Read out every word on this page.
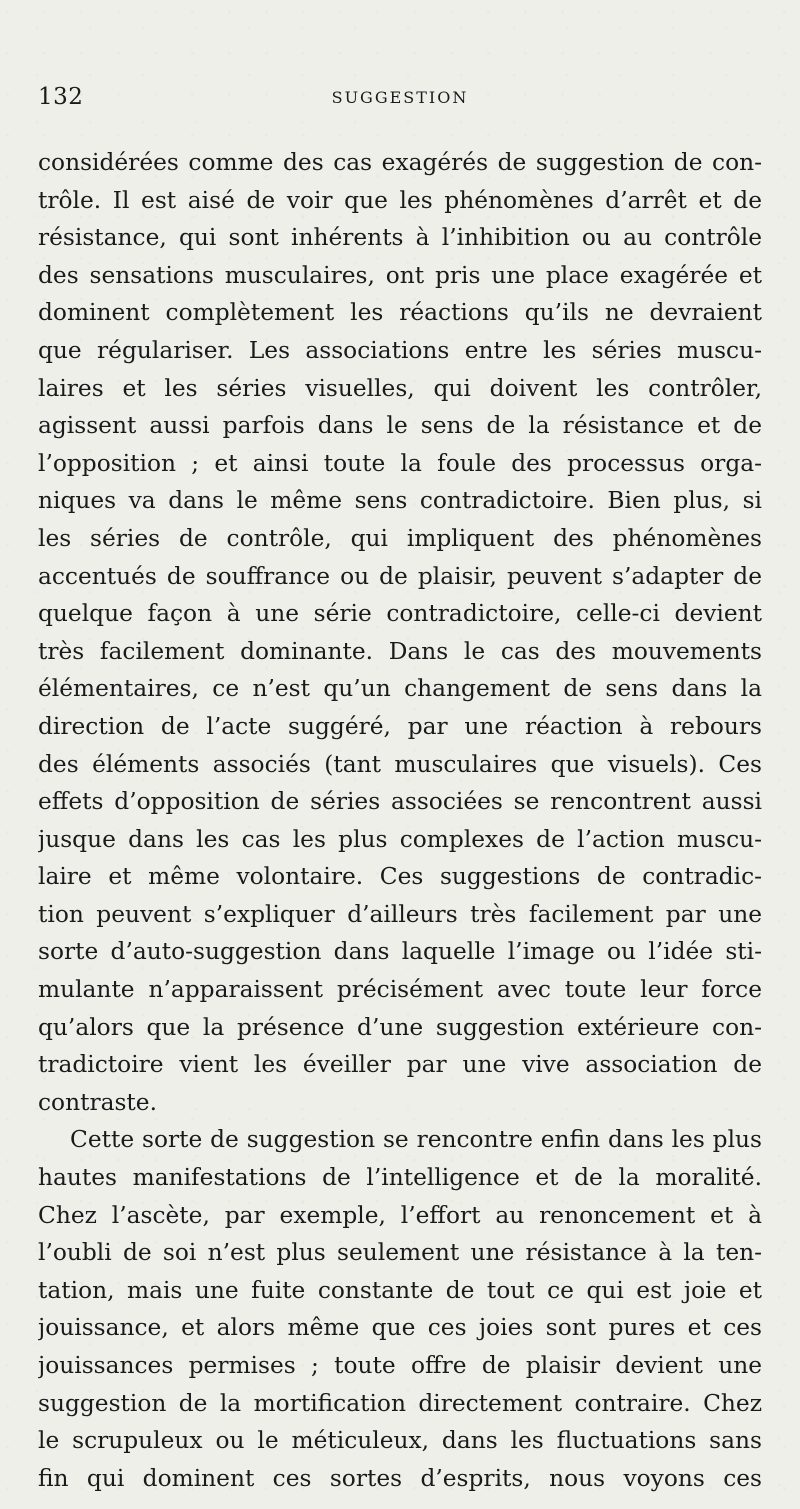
132	SUGGESTION
considérées comme des cas exagérés de suggestion de con-
trôle. Il est aisé de voir que les phénomènes d’arrêt et de
résistance, qui sont inhérents à l’inhibition ou au contrôle
des sensations musculaires, ont pris une place exagérée et
dominent complètement les réactions qu’ils ne devraient
que régulariser. Les associations entre les séries muscu-
laires et les séries visuelles, qui doivent les contrôler,
agissent aussi parfois dans le sens de la résistance et de
l’opposition ; et ainsi toute la foule des processus orga-
niques va dans le même sens contradictoire. Bien plus, si
les séries de contrôle, qui impliquent des phénomènes
accentués de souffrance ou de plaisir, peuvent s’adapter de
quelque façon à une série contradictoire, celle-ci devient
très facilement dominante. Dans le cas des mouvements
élémentaires, ce n’est qu’un changement de sens dans la
direction de l’acte suggéré, par une réaction à rebours
des éléments associés (tant musculaires que visuels). Ces
effets d’opposition de séries associées se rencontrent aussi
jusque dans les cas les plus complexes de l’action muscu-
laire et même volontaire. Ces suggestions de contradic-
tion peuvent s’expliquer d’ailleurs très facilement par une
sorte d’auto-suggestion dans laquelle l’image ou l’idée sti-
mulante n’apparaissent précisément avec toute leur force
qu’alors que la présence d’une suggestion extérieure con-
tradictoire vient les éveiller par une vive association de
contraste.
Cette sorte de suggestion se rencontre enfin dans les plus
hautes manifestations de l’intelligence et de la moralité.
Chez l’ascète, par exemple, l’effort au renoncement et à
l’oubli de soi n’est plus seulement une résistance à la ten-
tation, mais une fuite constante de tout ce qui est joie et
jouissance, et alors même que ces joies sont pures et ces
jouissances permises ; toute offre de plaisir devient une
suggestion de la mortification directement contraire. Chez
le scrupuleux ou le méticuleux, dans les fluctuations sans
fin qui dominent ces sortes d’esprits, nous voyons ces
